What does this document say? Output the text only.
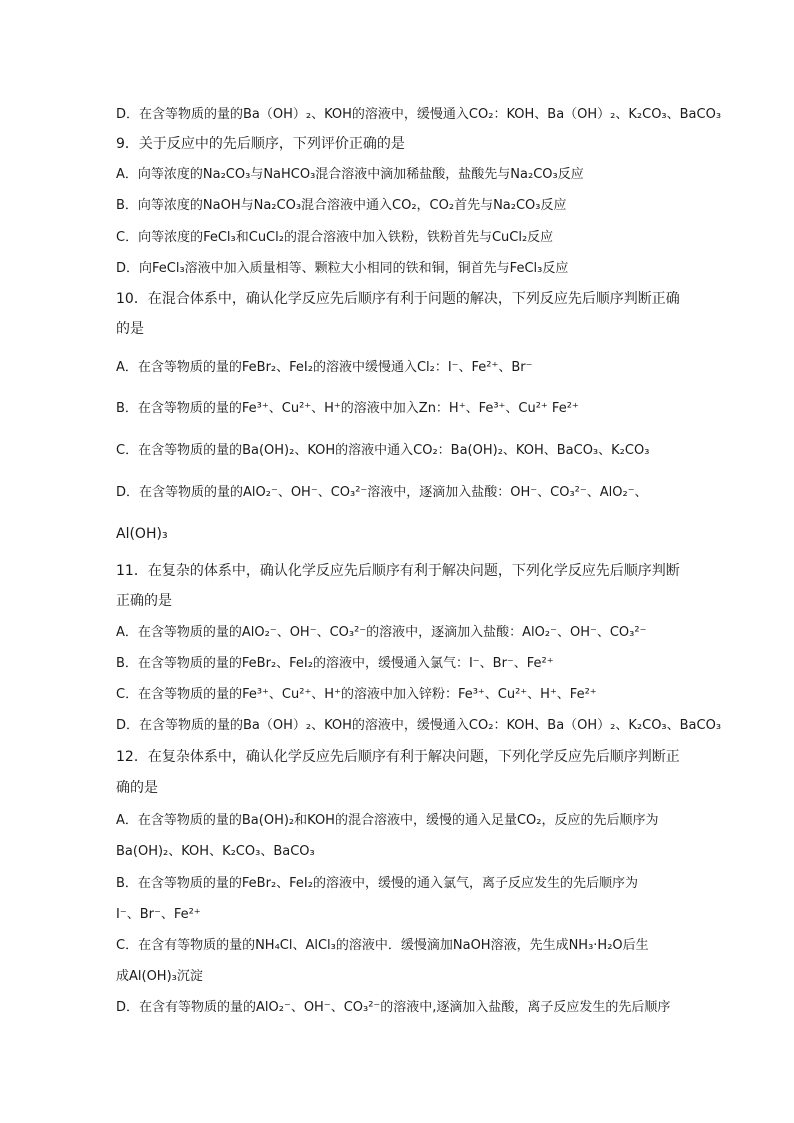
D．在含等物质的量的Ba（OH）₂、KOH的溶液中，缓慢通入CO₂：KOH、Ba（OH）₂、K₂CO₃、BaCO₃
9．关于反应中的先后顺序，下列评价正确的是
A．向等浓度的Na₂CO₃与NaHCO₃混合溶液中滴加稀盐酸，盐酸先与Na₂CO₃反应
B．向等浓度的NaOH与Na₂CO₃混合溶液中通入CO₂，CO₂首先与Na₂CO₃反应
C．向等浓度的FeCl₃和CuCl₂的混合溶液中加入铁粉，铁粉首先与CuCl₂反应
D．向FeCl₃溶液中加入质量相等、颗粒大小相同的铁和铜，铜首先与FeCl₃反应
10．在混合体系中，确认化学反应先后顺序有利于问题的解决，下列反应先后顺序判断正确
的是
A．在含等物质的量的FeBr₂、FeI₂的溶液中缓慢通入Cl₂：I⁻、Fe²⁺、Br⁻
B．在含等物质的量的Fe³⁺、Cu²⁺、H⁺的溶液中加入Zn：H⁺、Fe³⁺、Cu²⁺ Fe²⁺
C．在含等物质的量的Ba(OH)₂、KOH的溶液中通入CO₂：Ba(OH)₂、KOH、BaCO₃、K₂CO₃
D．在含等物质的量的AlO₂⁻、OH⁻、CO₃²⁻溶液中，逐滴加入盐酸：OH⁻、CO₃²⁻、AlO₂⁻、
Al(OH)₃
11．在复杂的体系中，确认化学反应先后顺序有利于解决问题，下列化学反应先后顺序判断
正确的是
A．在含等物质的量的AlO₂⁻、OH⁻、CO₃²⁻的溶液中，逐滴加入盐酸：AlO₂⁻、OH⁻、CO₃²⁻
B．在含等物质的量的FeBr₂、FeI₂的溶液中，缓慢通入氯气：I⁻、Br⁻、Fe²⁺
C．在含等物质的量的Fe³⁺、Cu²⁺、H⁺的溶液中加入锌粉：Fe³⁺、Cu²⁺、H⁺、Fe²⁺
D．在含等物质的量的Ba（OH）₂、KOH的溶液中，缓慢通入CO₂：KOH、Ba（OH）₂、K₂CO₃、BaCO₃
12．在复杂体系中，确认化学反应先后顺序有利于解决问题，下列化学反应先后顺序判断正
确的是
A．在含等物质的量的Ba(OH)₂和KOH的混合溶液中，缓慢的通入足量CO₂，反应的先后顺序为
Ba(OH)₂、KOH、K₂CO₃、BaCO₃
B．在含等物质的量的FeBr₂、FeI₂的溶液中，缓慢的通入氯气，离子反应发生的先后顺序为
I⁻、Br⁻、Fe²⁺
C．在含有等物质的量的NH₄Cl、AlCl₃的溶液中．缓慢滴加NaOH溶液，先生成NH₃·H₂O后生
成Al(OH)₃沉淀
D．在含有等物质的量的AlO₂⁻、OH⁻、CO₃²⁻的溶液中,逐滴加入盐酸，离子反应发生的先后顺序
